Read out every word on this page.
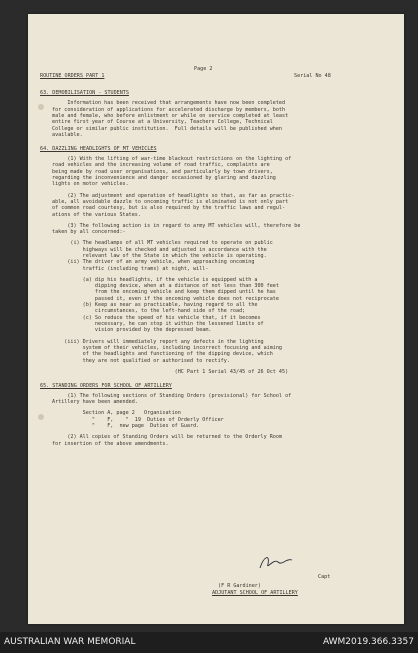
Page 2
ROUTINE ORDERS PART 1	Serial No 48
63. DEMOBILISATION - STUDENTS
Information has been received that arrangements have now been completed
for consideration of applications for accelerated discharge by members, both
male and female, who before enlistment or while on service completed at least
entire first year of Course at a University, Teachers College, Technical
College or similar public institution.  Full details will be published when
available.
64. DAZZLING HEADLIGHTS OF MT VEHICLES
(1) With the lifting of war-time blackout restrictions on the lighting of
road vehicles and the increasing volume of road traffic, complaints are
being made by road user organisations, and particularly by town drivers,
regarding the inconvenience and danger occasioned by glaring and dazzling
lights on motor vehicles.
(2) The adjustment and operation of headlights so that, as far as practic-
able, all avoidable dazzle to oncoming traffic is eliminated is not only part
of common road courtesy, but is also required by the traffic laws and regul-
ations of the various States.
(3) The following action is in regard to army MT vehicles will, therefore be
taken by all concerned:-
(i) The headlamps of all MT vehicles required to operate on public
highways will be checked and adjusted in accordance with the
relevant law of the State in which the vehicle is operating.
(ii) The driver of an army vehicle, when approaching oncoming
traffic (including trams) at night, will-
(a) dip his headlights, if the vehicle is equipped with a
dipping device, when at a distance of not less than 300 feet
from the oncoming vehicle and keep them dipped until he has
passed it, even if the oncoming vehicle does not reciprocate
(b) Keep as near as practicable, having regard to all the
circumstances, to the left-hand side of the road;
(c) So reduce the speed of his vehicle that, if it becomes
necessary, he can stop it within the lessened limits of
vision provided by the depressed beam.
(iii) Drivers will immediately report any defects in the lighting
system of their vehicles, including incorrect focusing and aiming
of the headlights and functioning of the dipping device, which
they are not qualified or authorised to rectify.
(HC Part 1 Serial 43/45 of 26 Oct 45)
65. STANDING ORDERS FOR SCHOOL OF ARTILLERY
(1) The following sections of Standing Orders (provisional) for School of
Artillery have been amended.
Section A, page 2   Organisation
"    F,    "  19  Duties of Orderly Officer
"    F,  new page  Duties of Guard.
(2) All copies of Standing Orders will be returned to the Orderly Room
for insertion of the above amendments.
Capt
(F R Gardiner)
ADJUTANT SCHOOL OF ARTILLERY
AUSTRALIAN WAR MEMORIAL	AWM2019.366.3357
